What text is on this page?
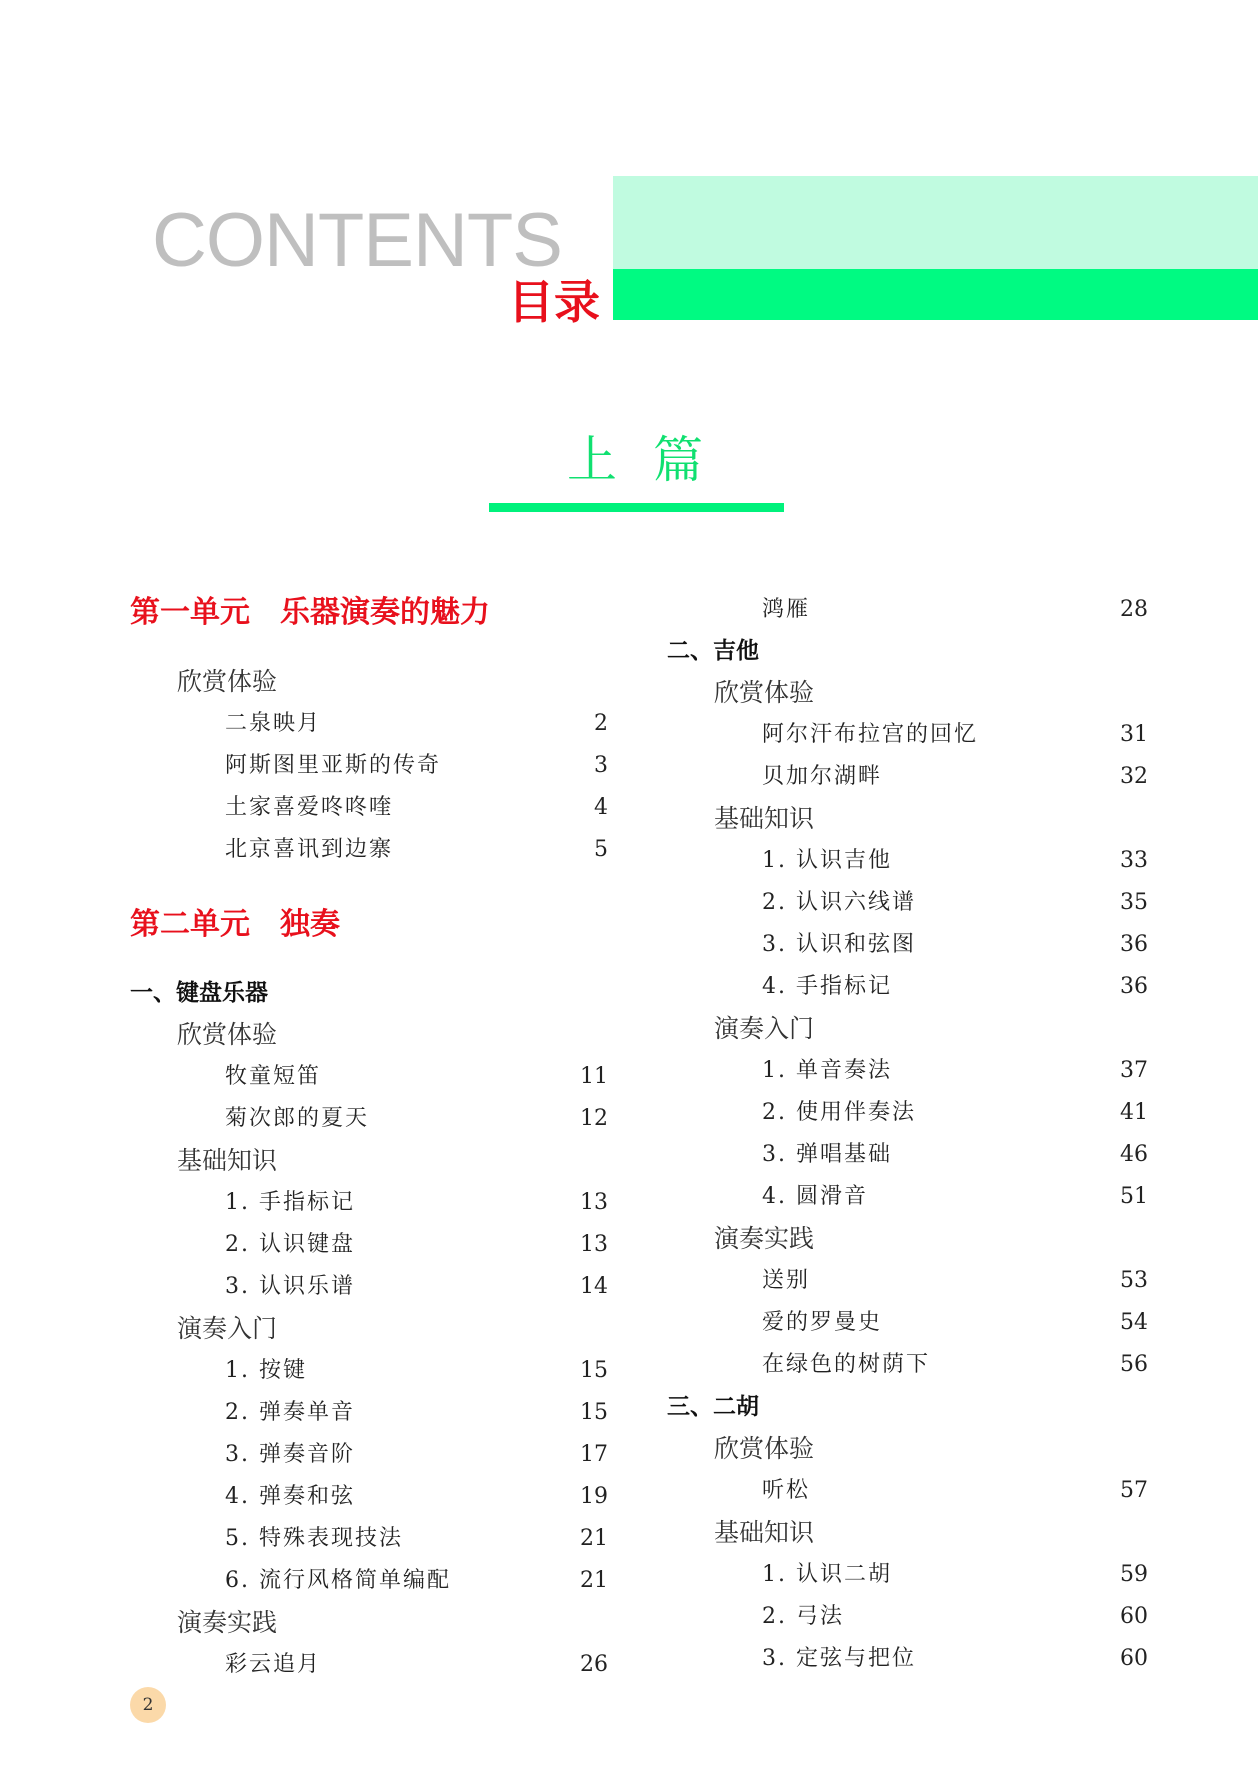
CONTENTS
目录
上篇
第一单元　乐器演奏的魅力
欣赏体验
二泉映月	2
阿斯图里亚斯的传奇	3
土家喜爱咚咚喹	4
北京喜讯到边寨	5
第二单元　独奏
一、键盘乐器
欣赏体验
牧童短笛	11
菊次郎的夏天	12
基础知识
1. 手指标记	13
2. 认识键盘	13
3. 认识乐谱	14
演奏入门
1. 按键	15
2. 弹奏单音	15
3. 弹奏音阶	17
4. 弹奏和弦	19
5. 特殊表现技法	21
6. 流行风格简单编配	21
演奏实践
彩云追月	26
鸿雁	28
二、吉他
欣赏体验
阿尔汗布拉宫的回忆	31
贝加尔湖畔	32
基础知识
1. 认识吉他	33
2. 认识六线谱	35
3. 认识和弦图	36
4. 手指标记	36
演奏入门
1. 单音奏法	37
2. 使用伴奏法	41
3. 弹唱基础	46
4. 圆滑音	51
演奏实践
送别	53
爱的罗曼史	54
在绿色的树荫下	56
三、二胡
欣赏体验
听松	57
基础知识
1. 认识二胡	59
2. 弓法	60
3. 定弦与把位	60
2
